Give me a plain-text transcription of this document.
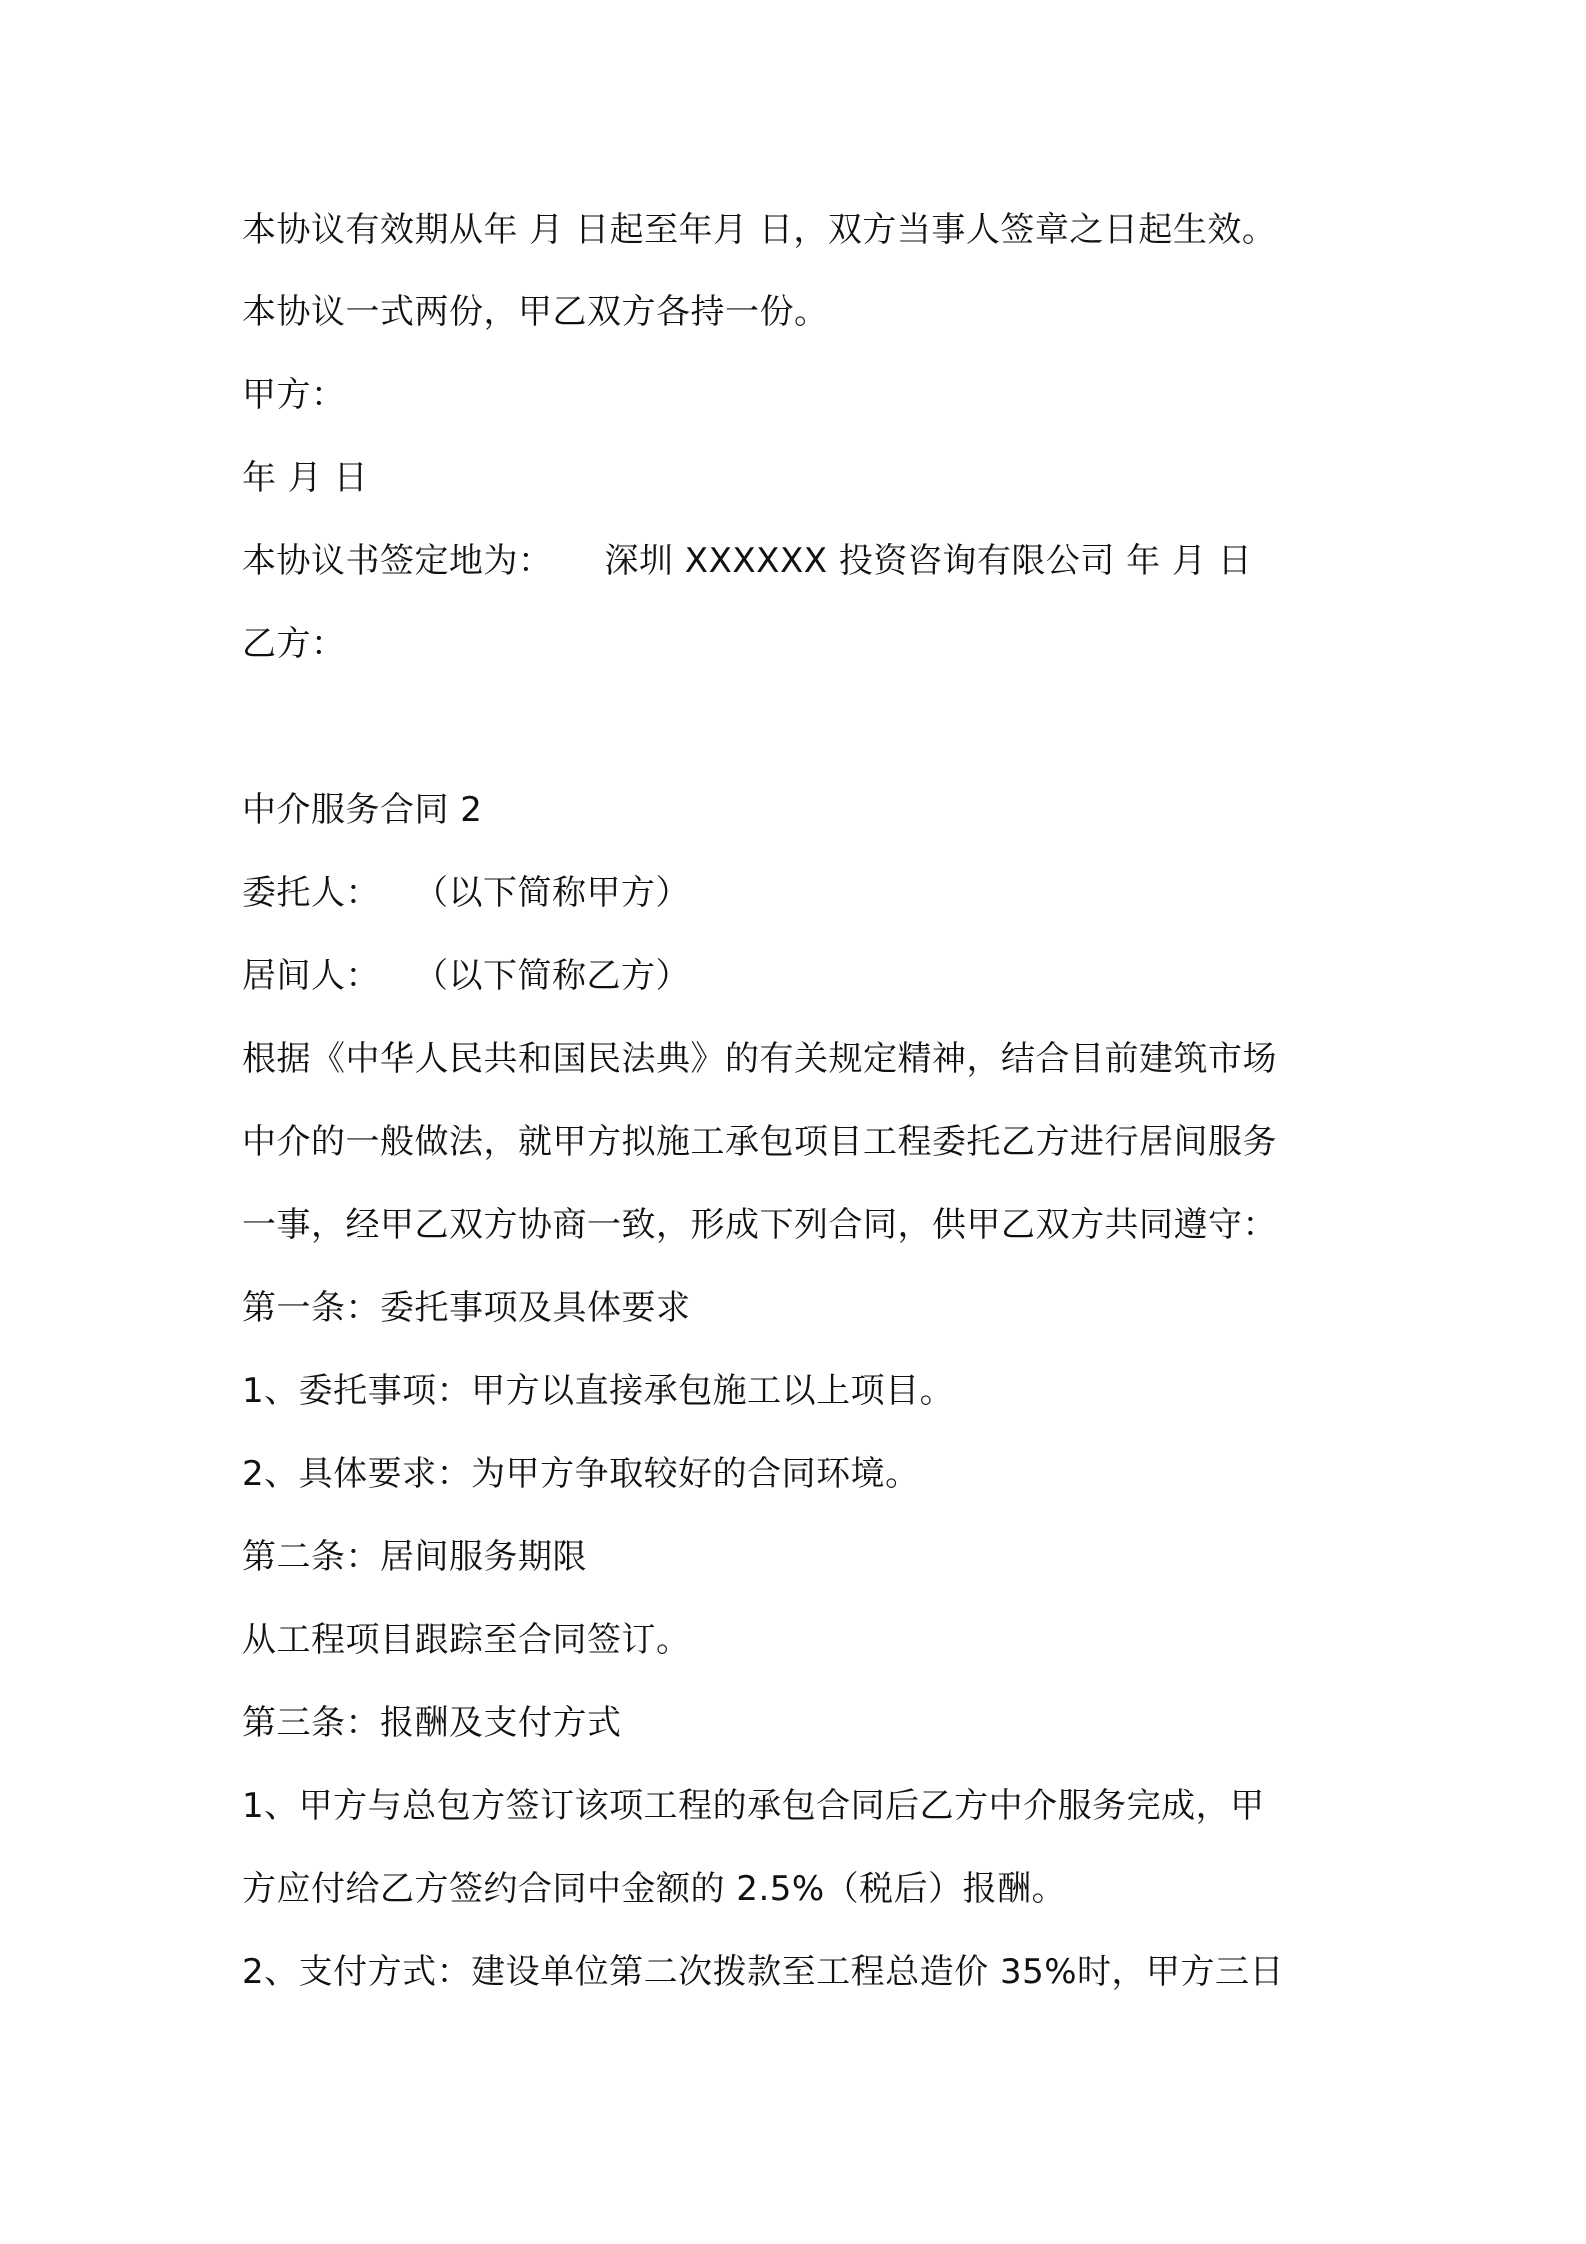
本协议有效期从年 月 日起至年月 日，双方当事人签章之日起生效。
本协议一式两份，甲乙双方各持一份。
甲方：
年 月 日
本协议书签定地为： 深圳 XXXXXX 投资咨询有限公司 年 月 日
乙方：
中介服务合同 2
委托人： （以下简称甲方）
居间人： （以下简称乙方）
根据《中华人民共和国民法典》的有关规定精神，结合目前建筑市场
中介的一般做法，就甲方拟施工承包项目工程委托乙方进行居间服务
一事，经甲乙双方协商一致，形成下列合同，供甲乙双方共同遵守：
第一条：委托事项及具体要求
1、委托事项：甲方以直接承包施工以上项目。
2、具体要求：为甲方争取较好的合同环境。
第二条：居间服务期限
从工程项目跟踪至合同签订。
第三条：报酬及支付方式
1、甲方与总包方签订该项工程的承包合同后乙方中介服务完成，甲
方应付给乙方签约合同中金额的 2.5%（税后）报酬。
2、支付方式：建设单位第二次拨款至工程总造价 35%时，甲方三日
